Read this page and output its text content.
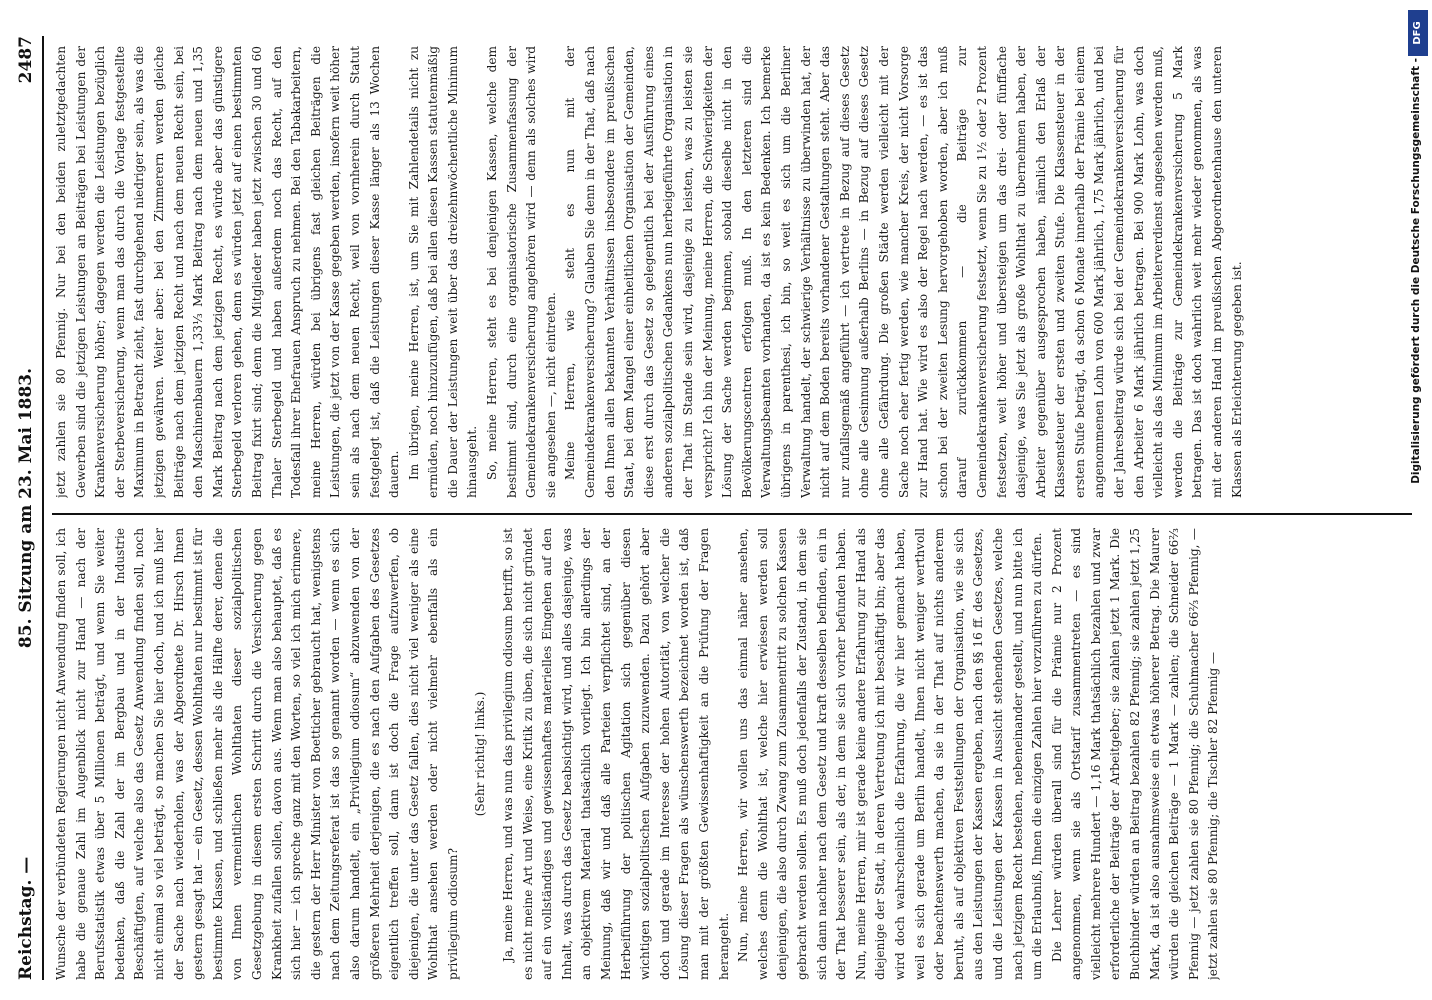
Reichstag. —
85. Sitzung am 23. Mai 1883.
2487

Wunsche der verbündeten Regierungen nicht Anwendung finden soll, ich habe die genaue Zahl im Augenblick nicht zur Hand — nach der Berufsstatistik etwas über 5 Millionen beträgt, und wenn Sie weiter bedenken, daß die Zahl der im Bergbau und in der Industrie Beschäftigten, auf welche also das Gesetz Anwendung finden soll, noch nicht einmal so viel beträgt, so machen Sie hier doch, und ich muß hier der Sache nach wiederholen, was der Abgeordnete Dr. Hirsch Ihnen gestern gesagt hat — ein Gesetz, dessen Wohlthaten nur bestimmt ist für bestimmte Klassen, und schließen mehr als die Hälfte derer, denen die von Ihnen vermeintlichen Wohlthaten dieser sozialpolitischen Gesetzgebung in diesem ersten Schritt durch die Versicherung gegen Krankheit zufallen sollen, davon aus. Wenn man also behauptet, daß es sich hier — ich spreche ganz mit den Worten, so viel ich mich erinnere, die gestern der Herr Minister von Boetticher gebraucht hat, wenigstens nach dem Zeitungsreferat ist das so genannt worden — wenn es sich also darum handelt, ein „Privilegium odiosum“ abzuwenden von der größeren Mehrheit derjenigen, die es nach den Aufgaben des Gesetzes eigentlich treffen soll, dann ist doch die Frage aufzuwerfen, ob diejenigen, die unter das Gesetz fallen, dies nicht viel weniger als eine Wohlthat ansehen werden oder nicht vielmehr ebenfalls als ein privilegium odiosum?

(Sehr richtig! links.) Ja, meine Herren, und was nun das privilegium odiosum betrifft, so ist es nicht meine Art und Weise, eine Kritik zu üben, die sich nicht gründet auf ein vollständiges und gewissenhaftes materielles Eingehen auf den Inhalt, was durch das Gesetz beabsichtigt wird, und alles dasjenige, was an objektivem Material thatsächlich vorliegt. Ich bin allerdings der Meinung, daß wir und daß alle Parteien verpflichtet sind, an der Herbeiführung der politischen Agitation sich gegenüber diesen wichtigen sozialpolitischen Aufgaben zuzuwenden. Dazu gehört aber doch und gerade im Interesse der hohen Autorität, von welcher die Lösung dieser Fragen als wünschenswerth bezeichnet worden ist, daß man mit der größten Gewissenhaftigkeit an die Prüfung der Fragen herangeht. Nun, meine Herren, wir wollen uns das einmal näher ansehen, welches denn die Wohlthat ist, welche hier erwiesen werden soll denjenigen, die also durch Zwang zum Zusammentritt zu solchen Kassen gebracht werden sollen. Es muß doch jedenfalls der Zustand, in dem sie sich dann nachher nach dem Gesetz und kraft desselben befinden, ein in der That besserer sein, als der, in dem sie sich vorher befunden haben. Nun, meine Herren, mir ist gerade keine andere Erfahrung zur Hand als diejenige der Stadt, in deren Vertretung ich mit beschäftigt bin; aber das wird doch wahrscheinlich die Erfahrung, die wir hier gemacht haben, weil es sich gerade um Berlin handelt, Ihnen nicht weniger werthvoll oder beachtenswerth machen, da sie in der That auf nichts anderem beruht, als auf objektiven Feststellungen der Organisation, wie sie sich aus den Leistungen der Kassen ergeben, nach den §§ 16 ff. des Gesetzes, und die Leistungen der Kassen in Aussicht stehenden Gesetzes, welche nach jetzigem Recht bestehen, nebeneinander gestellt, und nun bitte ich um die Erlaubniß, Ihnen die einzigen Zahlen hier vorzuführen zu dürfen. Die Lehrer würden überall sind für die Prämie nur 2 Prozent angenommen, wenn sie als Ortstarif zusammentreten — es sind vielleicht mehrere Hundert — 1,16 Mark thatsächlich bezahlen und zwar erforderliche der Beiträge der Arbeitgeber; sie zahlen jetzt 1 Mark. Die Buchbinder würden an Beitrag bezahlen 82 Pfennig; sie zahlen jetzt 1,25 Mark, da ist also ausnahmsweise ein etwas höherer Betrag. Die Maurer würden die gleichen Beiträge — 1 Mark — zahlen; die Schneider 66⅔ Pfennig — jetzt zahlen sie 80 Pfennig; die Schuhmacher 66⅔ Pfennig, — jetzt zahlen sie 80 Pfennig; die Tischler 82 Pfennig —

jetzt zahlen sie 80 Pfennig. Nur bei den beiden zuletztgedachten Gewerben sind die jetzigen Leistungen an Beiträgen bei Leistungen der Krankenversicherung höher; dagegen werden die Leistungen bezüglich der Sterbeversicherung, wenn man das durch die Vorlage festgestellte Maximum in Betracht zieht, fast durchgehend niedriger sein, als was die jetzigen gewähren. Weiter aber: bei den Zimmerern werden gleiche Beiträge nach dem jetzigen Recht und nach dem neuen Recht sein, bei den Maschinenbauern 1,33⅓ Mark Beitrag nach dem neuen und 1,35 Mark Beitrag nach dem jetzigen Recht, es würde aber das günstigere Sterbegeld verloren gehen, denn es würden jetzt auf einen bestimmten Beitrag fixirt sind; denn die Mitglieder haben jetzt zwischen 30 und 60 Thaler Sterbegeld und haben außerdem noch das Recht, auf den Todesfall ihrer Ehefrauen Anspruch zu nehmen. Bei den Tabakarbeitern, meine Herren, würden bei übrigens fast gleichen Beiträgen die Leistungen, die jetzt von der Kasse gegeben werden, insofern weit höher sein als nach dem neuen Recht, weil von vornherein durch Statut festgelegt ist, daß die Leistungen dieser Kasse länger als 13 Wochen dauern. Im übrigen, meine Herren, ist, um Sie mit Zahlendetails nicht zu ermüden, noch hinzuzufügen, daß bei allen diesen Kassen statutenmäßig die Dauer der Leistungen weit über das dreizehnwöchentliche Minimum hinausgeht. So, meine Herren, steht es bei denjenigen Kassen, welche dem bestimmt sind, durch eine organisatorische Zusammenfassung der Gemeindekrankenversicherung angehören wird — denn als solches wird sie angesehen —, nicht eintreten. Meine Herren, wie steht es nun mit der Gemeindekrankenversicherung? Glauben Sie denn in der That, daß nach den Ihnen allen bekannten Verhältnissen insbesondere im preußischen Staat, bei dem Mangel einer einheitlichen Organisation der Gemeinden, diese erst durch das Gesetz so gelegentlich bei der Ausführung eines anderen sozialpolitischen Gedankens nun herbeigeführte Organisation in der That im Stande sein wird, dasjenige zu leisten, was zu leisten sie verspricht? Ich bin der Meinung, meine Herren, die Schwierigkeiten der Lösung der Sache werden beginnen, sobald dieselbe nicht in den Bevölkerungscentren erfolgen muß. In den letzteren sind die Verwaltungsbeamten vorhanden, da ist es kein Bedenken. Ich bemerke übrigens in parenthesi, ich bin, so weit es sich um die Berliner Verwaltung handelt, der schwierige Verhältnisse zu überwinden hat, der nicht auf dem Boden bereits vorhandener Gestaltungen steht. Aber das nur zufallsgemäß angeführt — ich vertrete in Bezug auf dieses Gesetz ohne alle Gesinnung außerhalb Berlins — in Bezug auf dieses Gesetz ohne alle Gefährdung. Die großen Städte werden vielleicht mit der Sache noch eher fertig werden, wie mancher Kreis, der nicht Vorsorge zur Hand hat. Wie wird es also der Regel nach werden, — es ist das schon bei der zweiten Lesung hervorgehoben worden, aber ich muß darauf zurückkommen — die Beiträge zur Gemeindekrankenversicherung festsetzt, wenn Sie zu 1½ oder 2 Prozent festsetzen, weit höher und übersteigen um das drei- oder fünffache dasjenige, was Sie jetzt als große Wohlthat zu übernehmen haben, der Arbeiter gegenüber ausgesprochen haben, nämlich den Erlaß der Klassensteuer der ersten und zweiten Stufe. Die Klassensteuer in der ersten Stufe beträgt, da schon 6 Monate innerhalb der Prämie bei einem angenommenen Lohn von 600 Mark jährlich, 1,75 Mark jährlich, und bei der Jahresbeitrag würde sich bei der Gemeindekrankenversicherung für den Arbeiter 6 Mark jährlich betragen. Bei 900 Mark Lohn, was doch vielleicht als das Minimum im Arbeiterverdienst angesehen werden muß, werden die Beiträge zur Gemeindekrankenversicherung 5 Mark betragen. Das ist doch wahrlich weit mehr wieder genommen, als was mit der anderen Hand im preußischen Abgeordnetenhause den unteren Klassen als Erleichterung gegeben ist.	Digitalisierung gefördert durch die Deutsche Forschungsgemeinschaft -
DFG
